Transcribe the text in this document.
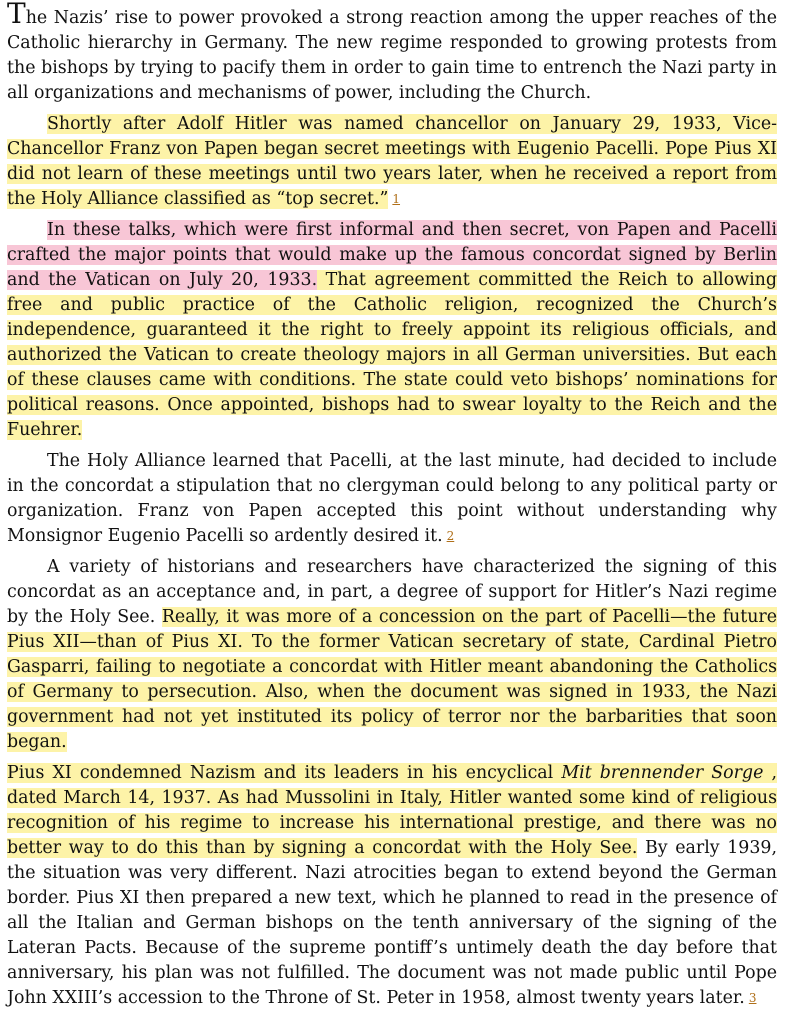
The Nazis’ rise to power provoked a strong reaction among the upper reaches of the Catholic hierarchy in Germany. The new regime responded to growing protests from the bishops by trying to pacify them in order to gain time to entrench the Nazi party in all organizations and mechanisms of power, including the Church.

Shortly after Adolf Hitler was named chancellor on January 29, 1933, Vice-Chancellor Franz von Papen began secret meetings with Eugenio Pacelli. Pope Pius XI did not learn of these meetings until two years later, when he received a report from the Holy Alliance classified as “top secret.” 1

In these talks, which were first informal and then secret, von Papen and Pacelli crafted the major points that would make up the famous concordat signed by Berlin and the Vatican on July 20, 1933. That agreement committed the Reich to allowing free and public practice of the Catholic religion, recognized the Church’s independence, guaranteed it the right to freely appoint its religious officials, and authorized the Vatican to create theology majors in all German universities. But each of these clauses came with conditions. The state could veto bishops’ nominations for political reasons. Once appointed, bishops had to swear loyalty to the Reich and the Fuehrer.

The Holy Alliance learned that Pacelli, at the last minute, had decided to include in the concordat a stipulation that no clergyman could belong to any political party or organization. Franz von Papen accepted this point without understanding why Monsignor Eugenio Pacelli so ardently desired it. 2

A variety of historians and researchers have characterized the signing of this concordat as an acceptance and, in part, a degree of support for Hitler’s Nazi regime by the Holy See. Really, it was more of a concession on the part of Pacelli—the future Pius XII—than of Pius XI. To the former Vatican secretary of state, Cardinal Pietro Gasparri, failing to negotiate a concordat with Hitler meant abandoning the Catholics of Germany to persecution. Also, when the document was signed in 1933, the Nazi government had not yet instituted its policy of terror nor the barbarities that soon began.

Pius XI condemned Nazism and its leaders in his encyclical Mit brennender Sorge , dated March 14, 1937. As had Mussolini in Italy, Hitler wanted some kind of religious recognition of his regime to increase his international prestige, and there was no better way to do this than by signing a concordat with the Holy See. By early 1939, the situation was very different. Nazi atrocities began to extend beyond the German border. Pius XI then prepared a new text, which he planned to read in the presence of all the Italian and German bishops on the tenth anniversary of the signing of the Lateran Pacts. Because of the supreme pontiff’s untimely death the day before that anniversary, his plan was not fulfilled. The document was not made public until Pope John XXIII’s accession to the Throne of St. Peter in 1958, almost twenty years later. 3
